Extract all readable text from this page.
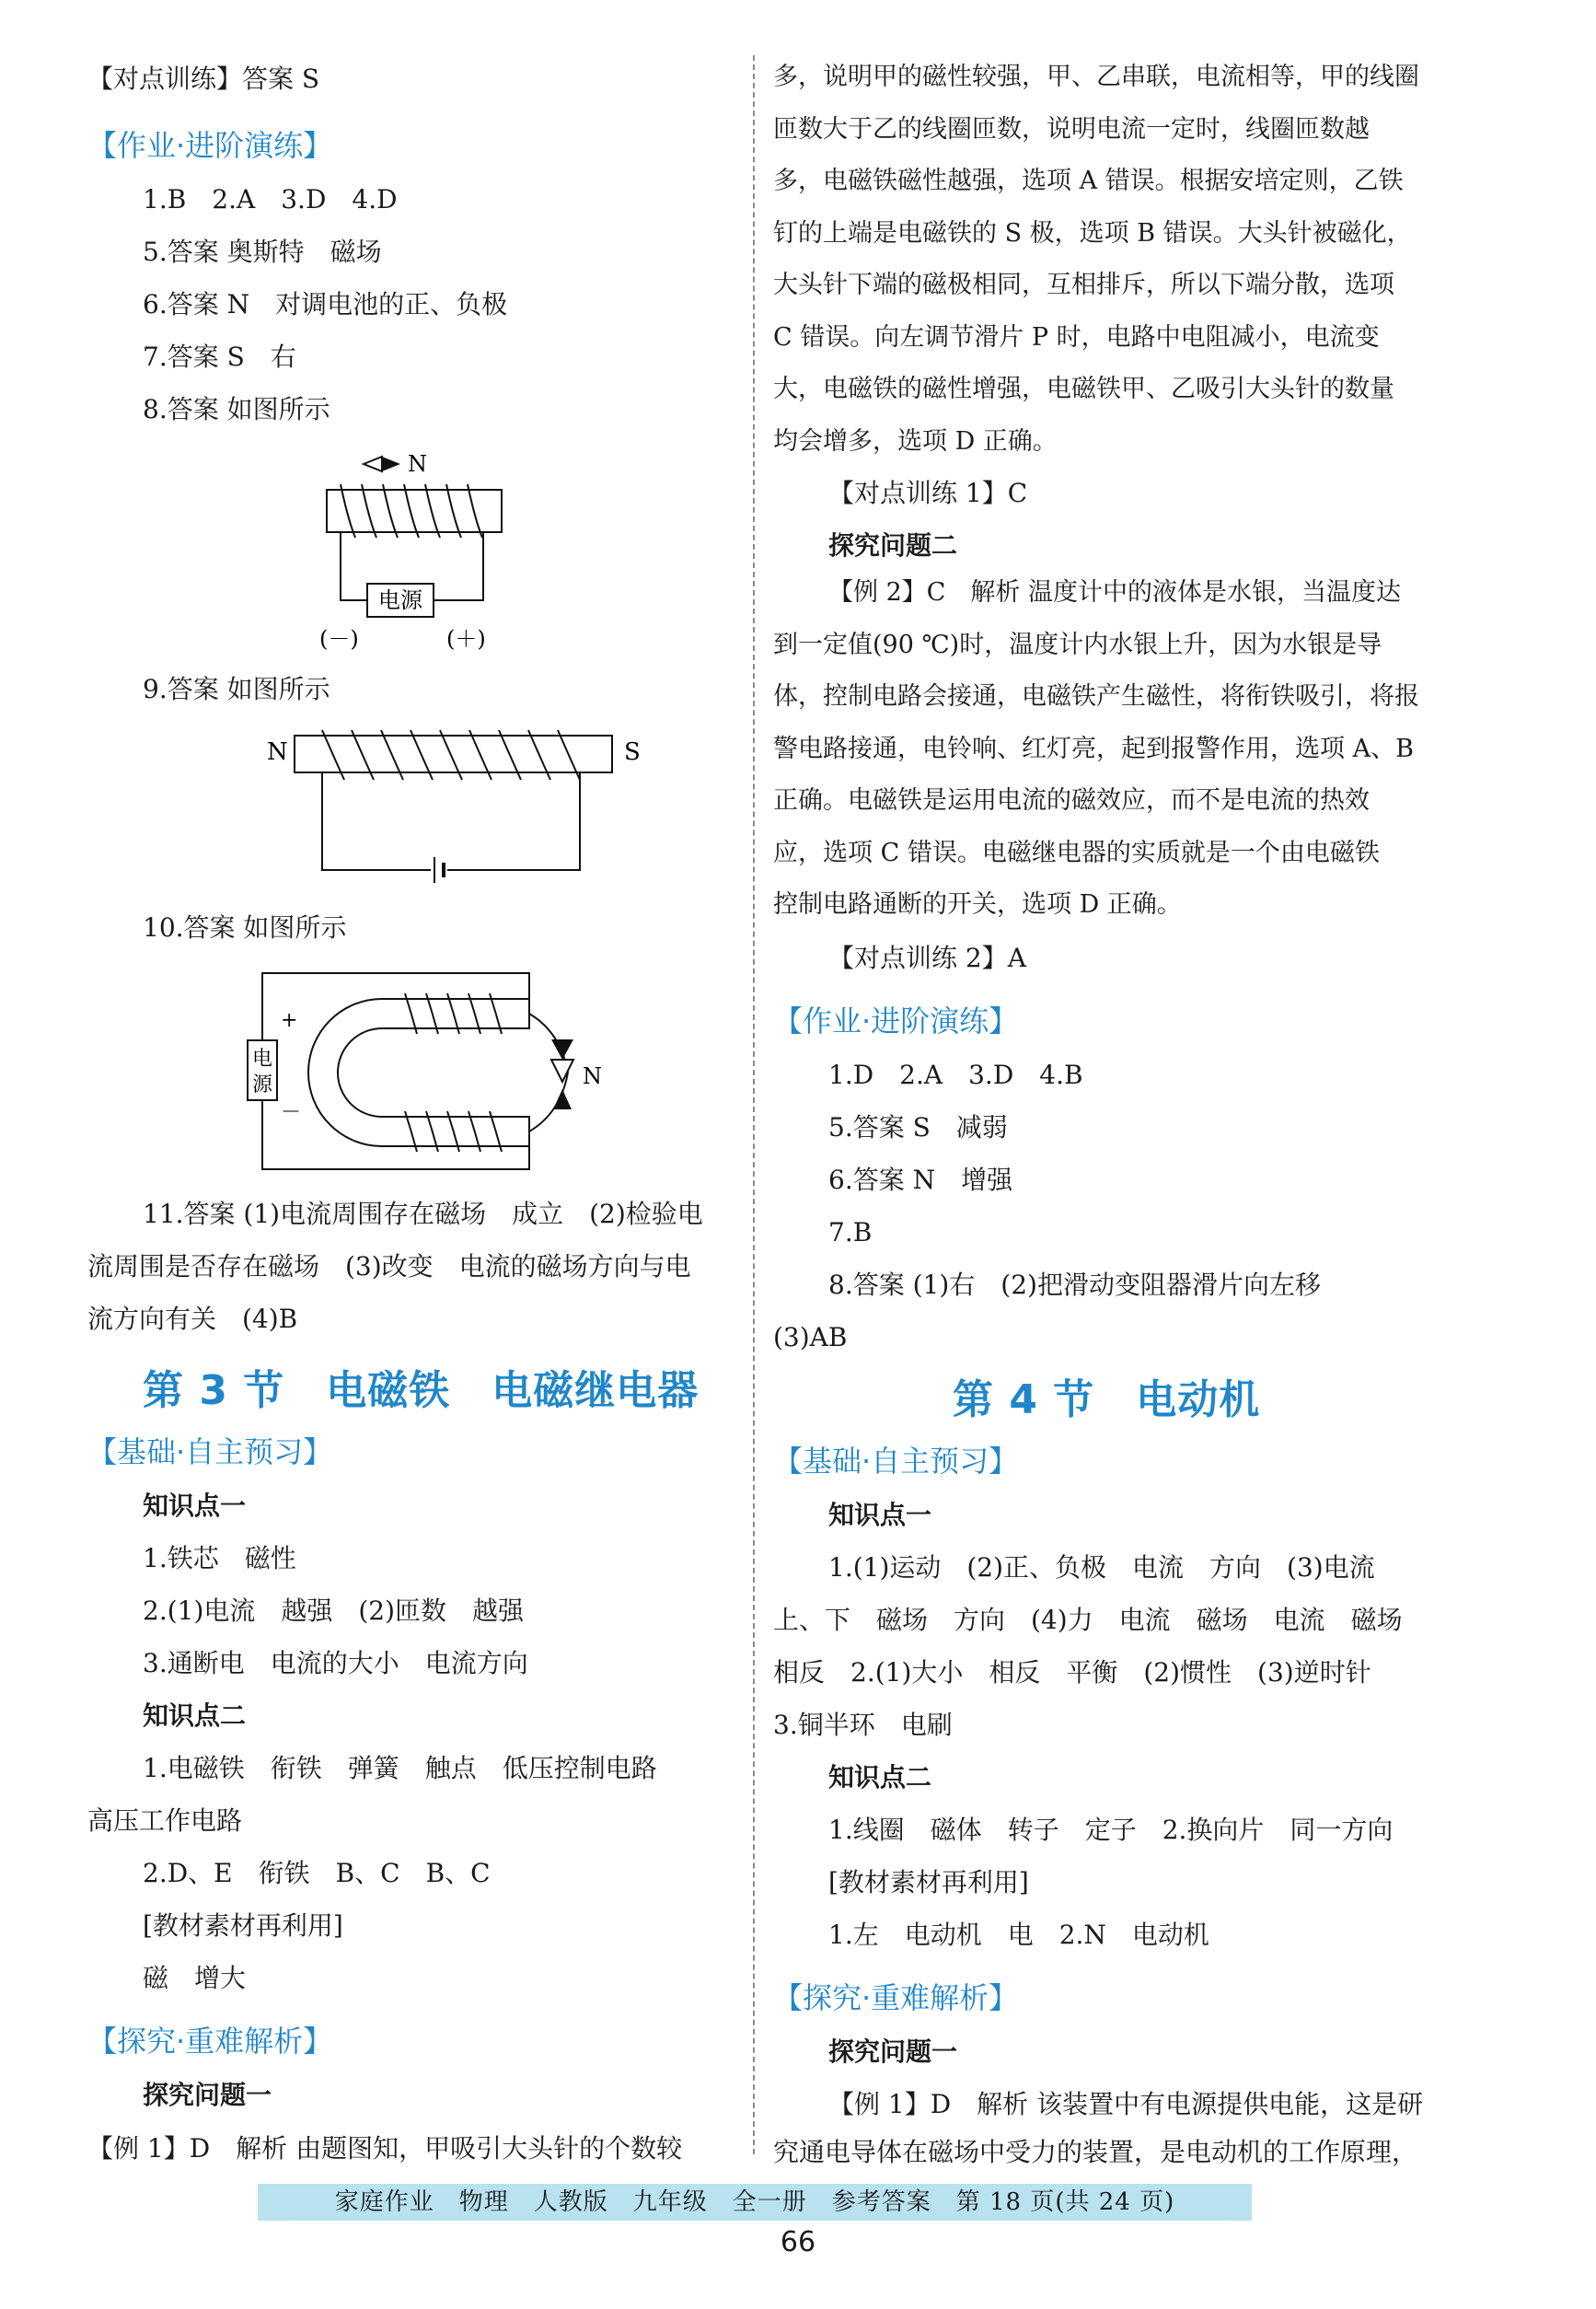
【对点训练】答案 S
【作业·进阶演练】
1.B　2.A　3.D　4.D
5.答案 奥斯特　磁场
6.答案 N　对调电池的正、负极
7.答案 S　右
8.答案 如图所示
N
电源
(－)	(＋)
9.答案 如图所示
N	S
10.答案 如图所示
电
源
+
－
N
11.答案 (1)电流周围存在磁场　成立　(2)检验电
流周围是否存在磁场　(3)改变　电流的磁场方向与电
流方向有关　(4)B
第 3 节　电磁铁　电磁继电器
【基础·自主预习】
知识点一
1.铁芯　磁性
2.(1)电流　越强　(2)匝数　越强
3.通断电　电流的大小　电流方向
知识点二
1.电磁铁　衔铁　弹簧　触点　低压控制电路
高压工作电路
2.D、E　衔铁　B、C　B、C
[教材素材再利用]
磁　增大
【探究·重难解析】
探究问题一
【例 1】D　解析 由题图知，甲吸引大头针的个数较
多，说明甲的磁性较强，甲、乙串联，电流相等，甲的线圈
匝数大于乙的线圈匝数，说明电流一定时，线圈匝数越
多，电磁铁磁性越强，选项 A 错误。根据安培定则，乙铁
钉的上端是电磁铁的 S 极，选项 B 错误。大头针被磁化，
大头针下端的磁极相同，互相排斥，所以下端分散，选项
C 错误。向左调节滑片 P 时，电路中电阻减小，电流变
大，电磁铁的磁性增强，电磁铁甲、乙吸引大头针的数量
均会增多，选项 D 正确。
【对点训练 1】C
探究问题二
【例 2】C　解析 温度计中的液体是水银，当温度达
到一定值(90 ℃)时，温度计内水银上升，因为水银是导
体，控制电路会接通，电磁铁产生磁性，将衔铁吸引，将报
警电路接通，电铃响、红灯亮，起到报警作用，选项 A、B
正确。电磁铁是运用电流的磁效应，而不是电流的热效
应，选项 C 错误。电磁继电器的实质就是一个由电磁铁
控制电路通断的开关，选项 D 正确。
【对点训练 2】A
【作业·进阶演练】
1.D　2.A　3.D　4.B
5.答案 S　减弱
6.答案 N　增强
7.B
8.答案 (1)右　(2)把滑动变阻器滑片向左移
(3)AB
第 4 节　电动机
【基础·自主预习】
知识点一
1.(1)运动　(2)正、负极　电流　方向　(3)电流
上、下　磁场　方向　(4)力　电流　磁场　电流　磁场
相反　2.(1)大小　相反　平衡　(2)惯性　(3)逆时针
3.铜半环　电刷
知识点二
1.线圈　磁体　转子　定子　2.换向片　同一方向
[教材素材再利用]
1.左　电动机　电　2.N　电动机
【探究·重难解析】
探究问题一
【例 1】D　解析 该装置中有电源提供电能，这是研
究通电导体在磁场中受力的装置，是电动机的工作原理，
家庭作业　物理　人教版　九年级　全一册　参考答案　第 18 页(共 24 页)
66
